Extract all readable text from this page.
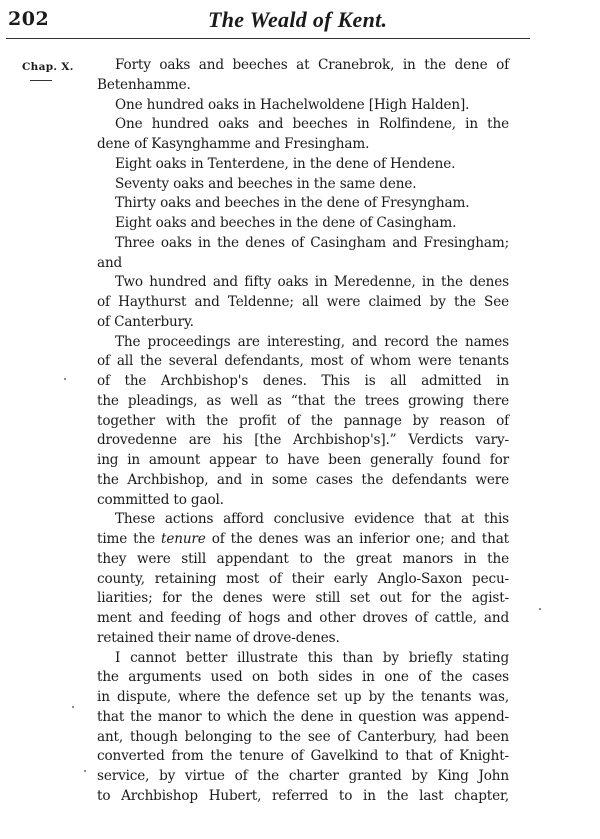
202	The Weald of Kent.
Chap. X.	Forty oaks and beeches at Cranebrok, in the dene of
Betenhamme.
One hundred oaks in Hachelwoldene [High Halden].
One hundred oaks and beeches in Rolfindene, in the
dene of Kasynghamme and Fresingham.
Eight oaks in Tenterdene, in the dene of Hendene.
Seventy oaks and beeches in the same dene.
Thirty oaks and beeches in the dene of Fresyngham.
Eight oaks and beeches in the dene of Casingham.
Three oaks in the denes of Casingham and Fresingham;
and
Two hundred and fifty oaks in Meredenne, in the denes
of Haythurst and Teldenne; all were claimed by the See
of Canterbury.
The proceedings are interesting, and record the names
of all the several defendants, most of whom were tenants
of the Archbishop's denes. This is all admitted in
the pleadings, as well as “that the trees growing there
together with the profit of the pannage by reason of
drovedenne are his [the Archbishop's].” Verdicts vary-
ing in amount appear to have been generally found for
the Archbishop, and in some cases the defendants were
committed to gaol.
These actions afford conclusive evidence that at this
time the tenure of the denes was an inferior one; and that
they were still appendant to the great manors in the
county, retaining most of their early Anglo-Saxon pecu-
liarities; for the denes were still set out for the agist-
ment and feeding of hogs and other droves of cattle, and
retained their name of drove-denes.
I cannot better illustrate this than by briefly stating
the arguments used on both sides in one of the cases
in dispute, where the defence set up by the tenants was,
that the manor to which the dene in question was append-
ant, though belonging to the see of Canterbury, had been
converted from the tenure of Gavelkind to that of Knight-
service, by virtue of the charter granted by King John
to Archbishop Hubert, referred to in the last chapter,
